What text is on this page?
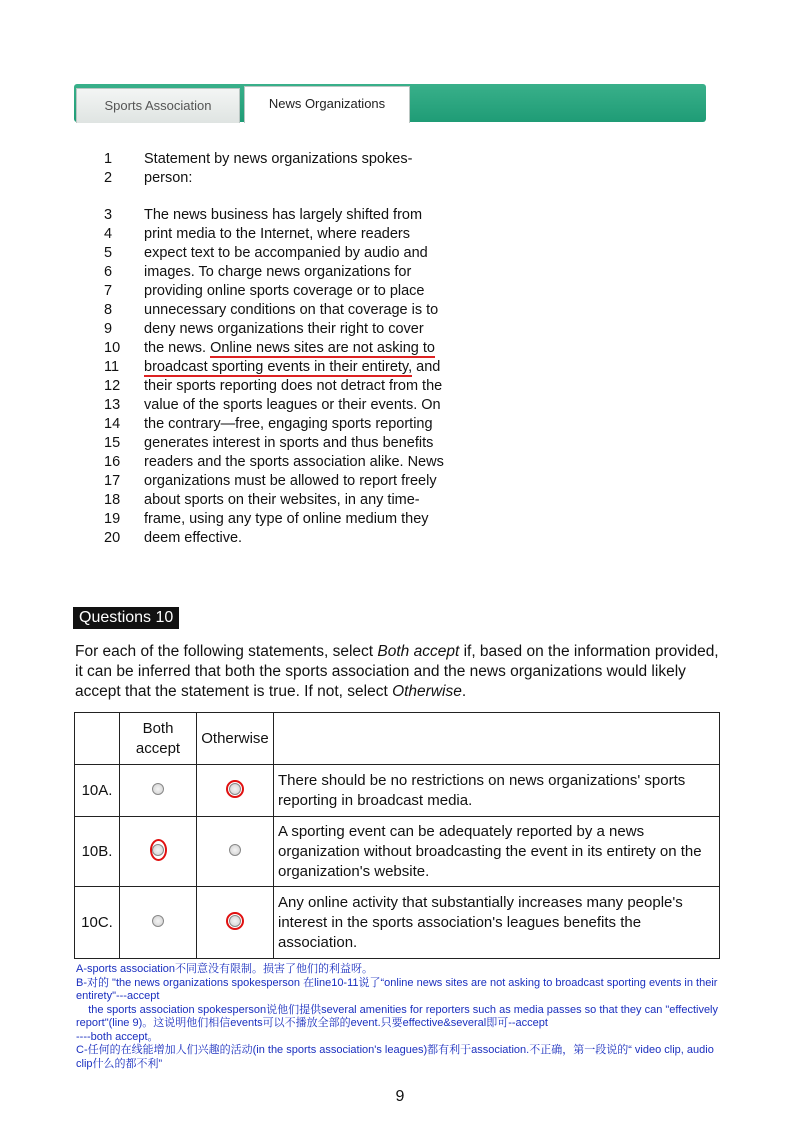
Sports Association	News Organizations
1 Statement by news organizations spokes-
2 person:
3 The news business has largely shifted from
4 print media to the Internet, where readers
5 expect text to be accompanied by audio and
6 images. To charge news organizations for
7 providing online sports coverage or to place
8 unnecessary conditions on that coverage is to
9 deny news organizations their right to cover
10 the news. Online news sites are not asking to
11 broadcast sporting events in their entirety, and
12 their sports reporting does not detract from the
13 value of the sports leagues or their events. On
14 the contrary—free, engaging sports reporting
15 generates interest in sports and thus benefits
16 readers and the sports association alike. News
17 organizations must be allowed to report freely
18 about sports on their websites, in any time-
19 frame, using any type of online medium they
20 deem effective.
Questions 10
For each of the following statements, select Both accept if, based on the information provided, it can be inferred that both the sports association and the news organizations would likely accept that the statement is true. If not, select Otherwise.
	Both accept	Otherwise	
10A.			There should be no restrictions on news organizations' sports reporting in broadcast media.
10B.			A sporting event can be adequately reported by a news organization without broadcasting the event in its entirety on the organization's website.
10C.			Any online activity that substantially increases many people's interest in the sports association's leagues benefits the association.
A-sports association不同意没有限制。损害了他们的利益呀。
B-对的 "the news organizations spokesperson 在line10-11说了“online news sites are not asking to broadcast sporting events in their entirety"---accept
the sports association spokesperson说他们提供several amenities for reporters such as media passes so that they can "effectively report"(line 9)。这说明他们相信events可以不播放全部的event.只要effective&several即可--accept
----both accept。
C-任何的在线能增加人们兴趣的活动(in the sports association's leagues)都有利于association.不正确，第一段说的“ video clip, audio clip什么的都不利”
9
